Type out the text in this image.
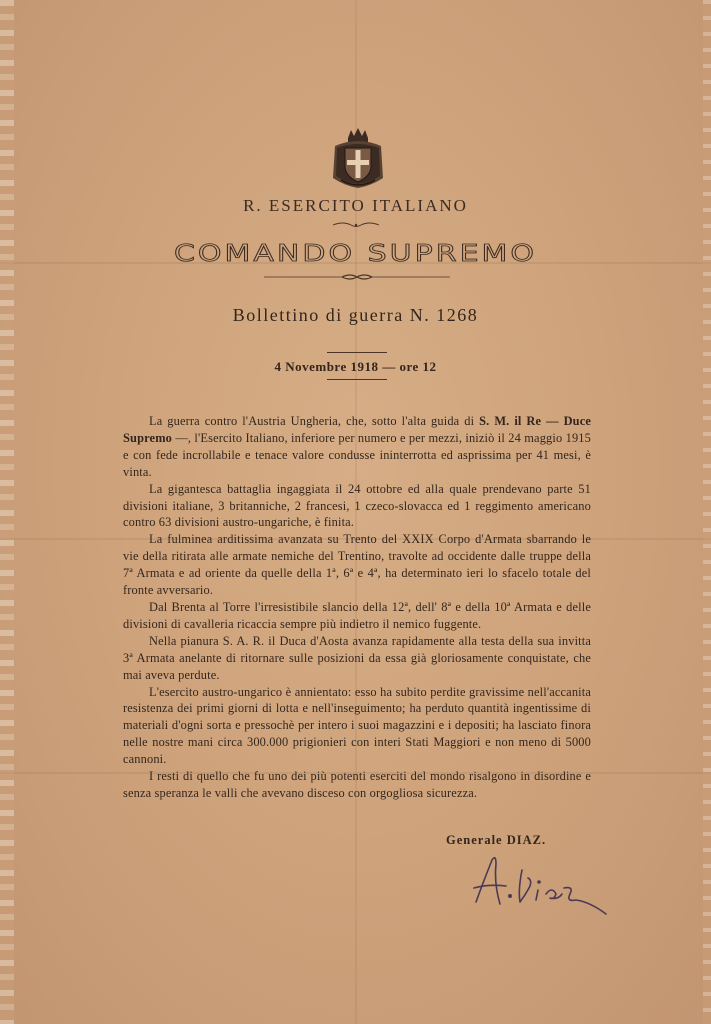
R. ESERCITO ITALIANO
COMANDO SUPREMO
Bollettino di guerra N. 1268
4 Novembre 1918 — ore 12

La guerra contro l'Austria Ungheria, che, sotto l'alta guida di S. M. il Re — Duce Supremo —, l'Esercito Italiano, inferiore per numero e per mezzi, iniziò il 24 maggio 1915 e con fede incrollabile e tenace valore condusse ininterrotta ed asprissima per 41 mesi, è vinta.

La gigantesca battaglia ingaggiata il 24 ottobre ed alla quale prendevano parte 51 divisioni italiane, 3 britanniche, 2 francesi, 1 czeco-slovacca ed 1 reggimento americano contro 63 divisioni austro-ungariche, è finita.

La fulminea arditissima avanzata su Trento del XXIX Corpo d'Armata sbarrando le vie della ritirata alle armate nemiche del Trentino, travolte ad occidente dalle truppe della 7ª Armata e ad oriente da quelle della 1ª, 6ª e 4ª, ha determinato ieri lo sfacelo totale del fronte avversario.

Dal Brenta al Torre l'irresistibile slancio della 12ª, dell' 8ª e della 10ª Armata e delle divisioni di cavalleria ricaccia sempre più indietro il nemico fuggente.

Nella pianura S. A. R. il Duca d'Aosta avanza rapidamente alla testa della sua invitta 3ª Armata anelante di ritornare sulle posizioni da essa già gloriosamente conquistate, che mai aveva perdute.

L'esercito austro-ungarico è annientato: esso ha subito perdite gravissime nell'accanita resistenza dei primi giorni di lotta e nell'inseguimento; ha perduto quantità ingentissime di materiali d'ogni sorta e pressochè per intero i suoi magazzini e i depositi; ha lasciato finora nelle nostre mani circa 300.000 prigionieri con interi Stati Maggiori e non meno di 5000 cannoni.

I resti di quello che fu uno dei più potenti eserciti del mondo risalgono in disordine e senza speranza le valli che avevano disceso con orgogliosa sicurezza.

Generale DIAZ.
